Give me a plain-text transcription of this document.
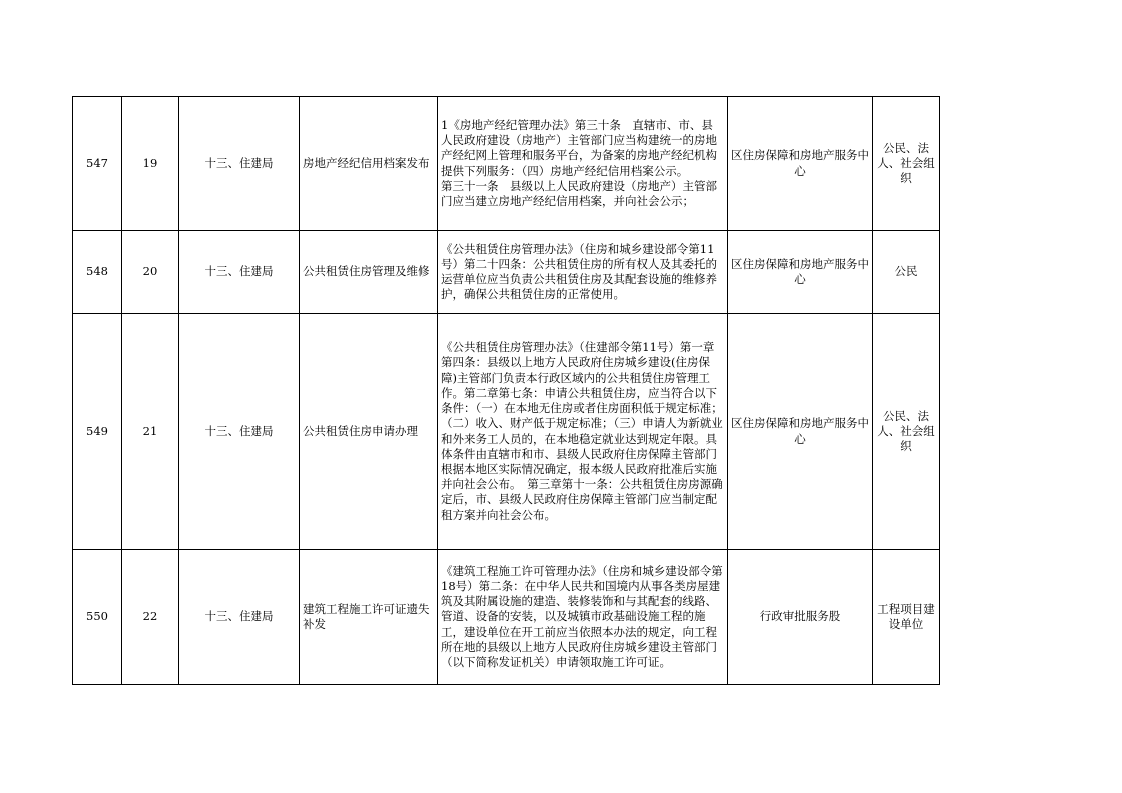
547	19	十三、住建局	房地产经纪信用档案发布	1《房地产经纪管理办法》第三十条　直辖市、市、县人民政府建设（房地产）主管部门应当构建统一的房地产经纪网上管理和服务平台，为备案的房地产经纪机构提供下列服务：（四）房地产经纪信用档案公示。
第三十一条　县级以上人民政府建设（房地产）主管部门应当建立房地产经纪信用档案，并向社会公示；	区住房保障和房地产服务中心	公民、法人、社会组织
548	20	十三、住建局	公共租赁住房管理及维修	《公共租赁住房管理办法》（住房和城乡建设部令第11号）第二十四条：公共租赁住房的所有权人及其委托的运营单位应当负责公共租赁住房及其配套设施的维修养护，确保公共租赁住房的正常使用。	区住房保障和房地产服务中心	公民
549	21	十三、住建局	公共租赁住房申请办理	《公共租赁住房管理办法》（住建部令第11号）第一章第四条：县级以上地方人民政府住房城乡建设(住房保障)主管部门负责本行政区域内的公共租赁住房管理工作。第二章第七条：申请公共租赁住房，应当符合以下条件：（一）在本地无住房或者住房面积低于规定标准；（二）收入、财产低于规定标准；（三）申请人为新就业和外来务工人员的，在本地稳定就业达到规定年限。具体条件由直辖市和市、县级人民政府住房保障主管部门根据本地区实际情况确定，报本级人民政府批准后实施并向社会公布。　第三章第十一条：公共租赁住房房源确定后，市、县级人民政府住房保障主管部门应当制定配租方案并向社会公布。	区住房保障和房地产服务中心	公民、法人、社会组织
550	22	十三、住建局	建筑工程施工许可证遗失补发	《建筑工程施工许可管理办法》（住房和城乡建设部令第18号）第二条：在中华人民共和国境内从事各类房屋建筑及其附属设施的建造、装修装饰和与其配套的线路、管道、设备的安装，以及城镇市政基础设施工程的施工，建设单位在开工前应当依照本办法的规定，向工程所在地的县级以上地方人民政府住房城乡建设主管部门（以下简称发证机关）申请领取施工许可证。	行政审批服务股	工程项目建设单位
